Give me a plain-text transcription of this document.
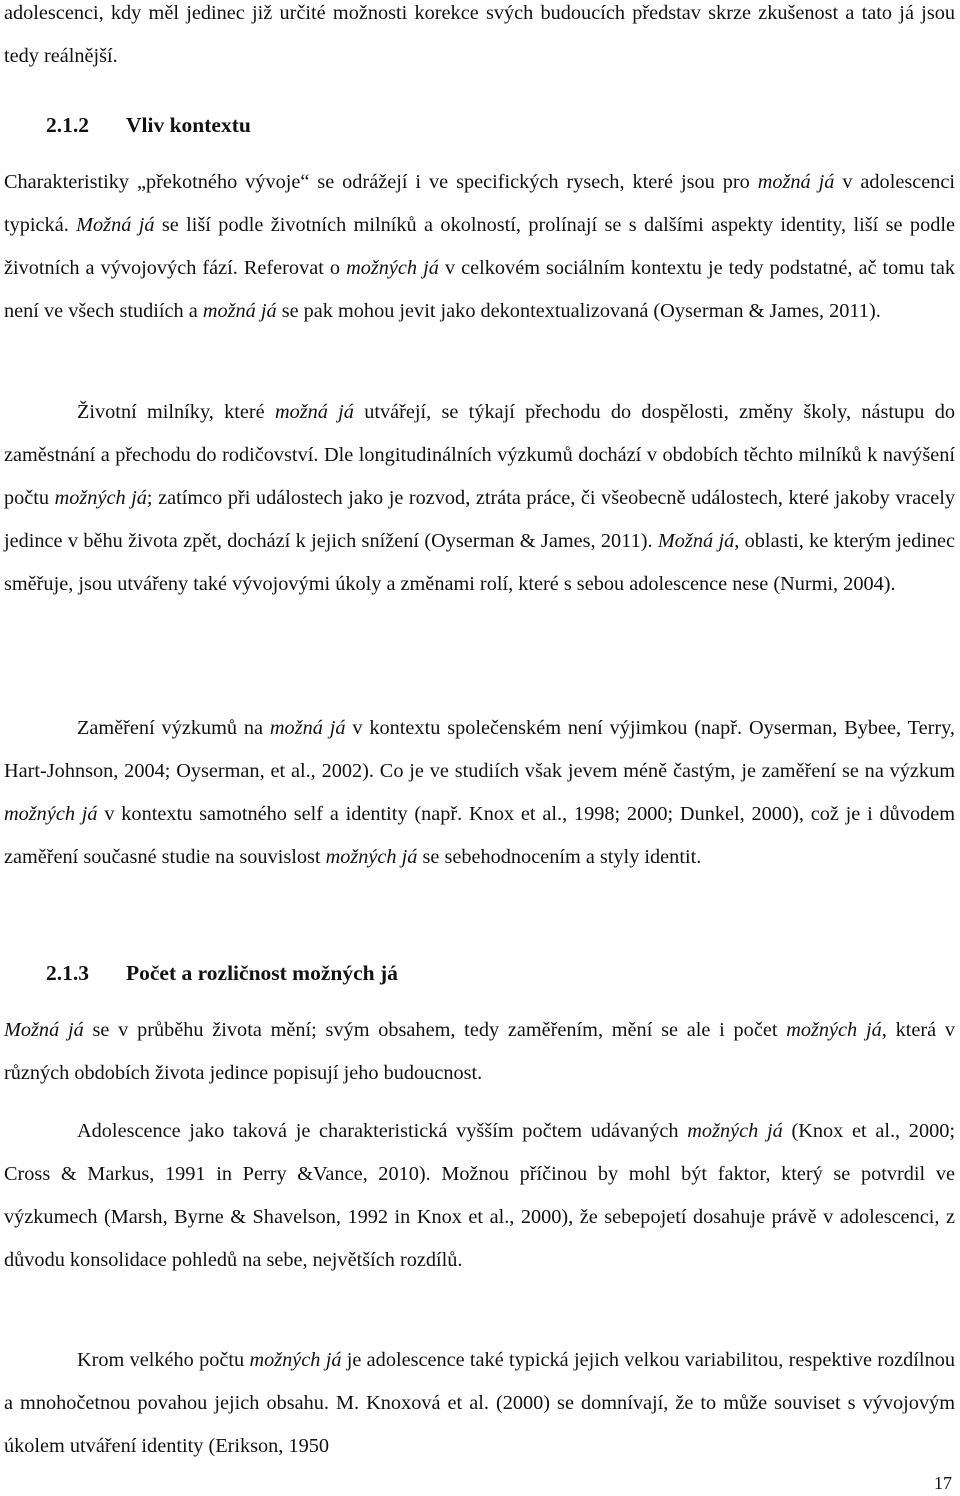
adolescenci, kdy měl jedinec již určité možnosti korekce svých budoucích představ skrze zkušenost a tato já jsou tedy reálnější.

2.1.2 Vliv kontextu

Charakteristiky „překotného vývoje“ se odrážejí i ve specifických rysech, které jsou pro možná já v adolescenci typická. Možná já se liší podle životních milníků a okolností, prolínají se s dalšími aspekty identity, liší se podle životních a vývojových fází. Referovat o možných já v celkovém sociálním kontextu je tedy podstatné, ač tomu tak není ve všech studiích a možná já se pak mohou jevit jako dekontextualizovaná (Oyserman & James, 2011).

Životní milníky, které možná já utvářejí, se týkají přechodu do dospělosti, změny školy, nástupu do zaměstnání a přechodu do rodičovství. Dle longitudinálních výzkumů dochází v obdobích těchto milníků k navýšení počtu možných já; zatímco při událostech jako je rozvod, ztráta práce, či všeobecně událostech, které jakoby vracely jedince v běhu života zpět, dochází k jejich snížení (Oyserman & James, 2011). Možná já, oblasti, ke kterým jedinec směřuje, jsou utvářeny také vývojovými úkoly a změnami rolí, které s sebou adolescence nese (Nurmi, 2004).

Zaměření výzkumů na možná já v kontextu společenském není výjimkou (např. Oyserman, Bybee, Terry, Hart-Johnson, 2004; Oyserman, et al., 2002). Co je ve studiích však jevem méně častým, je zaměření se na výzkum možných já v kontextu samotného self a identity (např. Knox et al., 1998; 2000; Dunkel, 2000), což je i důvodem zaměření současné studie na souvislost možných já se sebehodnocením a styly identit.

2.1.3 Počet a rozličnost možných já

Možná já se v průběhu života mění; svým obsahem, tedy zaměřením, mění se ale i počet možných já, která v různých obdobích života jedince popisují jeho budoucnost.

Adolescence jako taková je charakteristická vyšším počtem udávaných možných já (Knox et al., 2000; Cross & Markus, 1991 in Perry &Vance, 2010). Možnou příčinou by mohl být faktor, který se potvrdil ve výzkumech (Marsh, Byrne & Shavelson, 1992 in Knox et al., 2000), že sebepojetí dosahuje právě v adolescenci, z důvodu konsolidace pohledů na sebe, největších rozdílů.

Krom velkého počtu možných já je adolescence také typická jejich velkou variabilitou, respektive rozdílnou a mnohočetnou povahou jejich obsahu. M. Knoxová et al. (2000) se domnívají, že to může souviset s vývojovým úkolem utváření identity (Erikson, 1950

17
